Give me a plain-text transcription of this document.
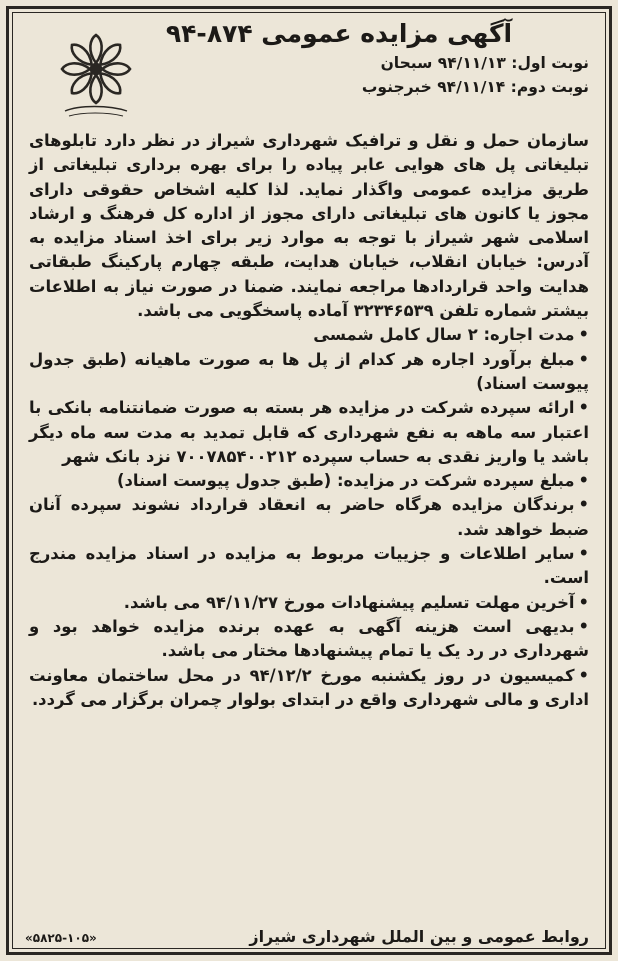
آگهی مزایده عمومی ۸۷۴-۹۴

نوبت اول: ۹۴/۱۱/۱۳ سبحان

نوبت دوم: ۹۴/۱۱/۱۴ خبرجنوب

سازمان حمل و نقل و ترافیک شهرداری شیراز در نظر دارد تابلوهای تبلیغاتی پل های هوایی عابر پیاده را برای بهره برداری تبلیغاتی از طریق مزایده عمومی واگذار نماید. لذا کلیه اشخاص حقوقی دارای مجوز یا کانون های تبلیغاتی دارای مجوز از اداره کل فرهنگ و ارشاد اسلامی شهر شیراز با توجه به موارد زیر برای اخذ اسناد مزایده به آدرس: خیابان انقلاب، خیابان هدایت، طبقه چهارم پارکینگ طبقاتی هدایت واحد قراردادها مراجعه نمایند. ضمنا در صورت نیاز به اطلاعات بیشتر شماره تلفن ۳۲۳۴۶۵۳۹ آماده پاسخگویی می باشد.

•مدت اجاره: ۲ سال کامل شمسی
•مبلغ برآورد اجاره هر کدام از پل ها به صورت ماهیانه (طبق جدول پیوست اسناد)
•ارائه سپرده شرکت در مزایده هر بسته به صورت ضمانتنامه بانکی با اعتبار سه ماهه به نفع شهرداری که قابل تمدید به مدت سه ماه دیگر باشد یا واریز نقدی به حساب سپرده ۷۰۰۷۸۵۴۰۰۲۱۲ نزد بانک شهر
•مبلغ سپرده شرکت در مزایده: (طبق جدول پیوست اسناد)
•برندگان مزایده هرگاه حاضر به انعقاد قرارداد نشوند سپرده آنان ضبط خواهد شد.
•سایر اطلاعات و جزییات مربوط به مزایده در اسناد مزایده مندرج است.
•آخرین مهلت تسلیم پیشنهادات مورخ ۹۴/۱۱/۲۷ می باشد.
•بدیهی است هزینه آگهی به عهده برنده مزایده خواهد بود و شهرداری در رد یک یا تمام پیشنهادها مختار می باشد.
•کمیسیون در روز یکشنبه مورخ ۹۴/۱۲/۲ در محل ساختمان معاونت اداری و مالی شهرداری واقع در ابتدای بولوار چمران برگزار می گردد.
روابط عمومی و بین الملل شهرداری شیراز
«۵۸۲۵-۱۰۵»
